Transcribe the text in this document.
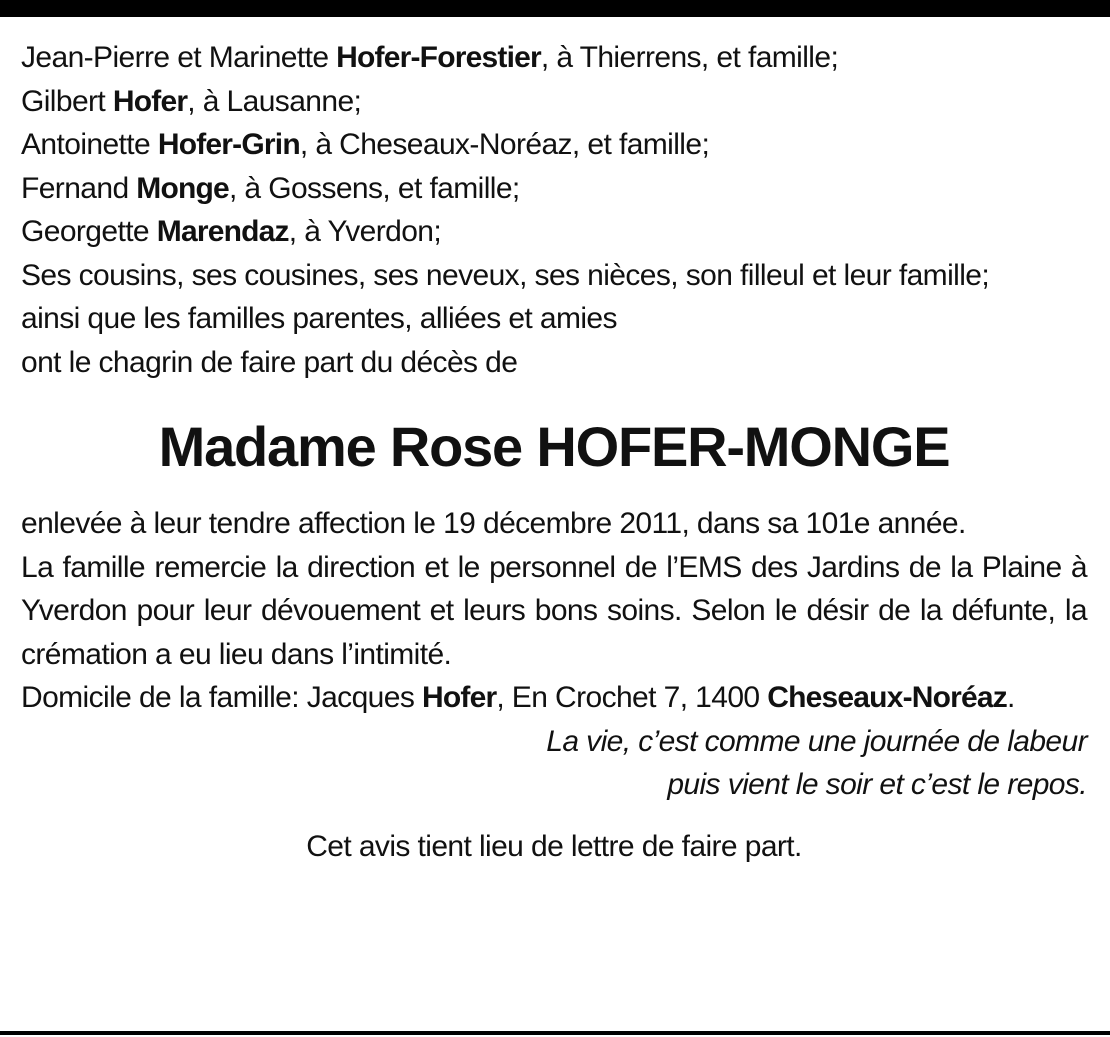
Jean-Pierre et Marinette Hofer-Forestier, à Thierrens, et famille;

Gilbert Hofer, à Lausanne;

Antoinette Hofer-Grin, à Cheseaux-Noréaz, et famille;

Fernand Monge, à Gossens, et famille;

Georgette Marendaz, à Yverdon;

Ses cousins, ses cousines, ses neveux, ses nièces, son filleul et leur famille;

ainsi que les familles parentes, alliées et amies

ont le chagrin de faire part du décès de

Madame Rose HOFER-MONGE

enlevée à leur tendre affection le 19 décembre 2011, dans sa 101e année.

La famille remercie la direction et le personnel de l’EMS des Jardins de la Plaine à Yverdon pour leur dévouement et leurs bons soins. Selon le désir de la défunte, la crémation a eu lieu dans l’intimité.

Domicile de la famille: Jacques Hofer, En Crochet 7, 1400 Cheseaux-Noréaz.

La vie, c’est comme une journée de labeur

puis vient le soir et c’est le repos.

Cet avis tient lieu de lettre de faire part.
